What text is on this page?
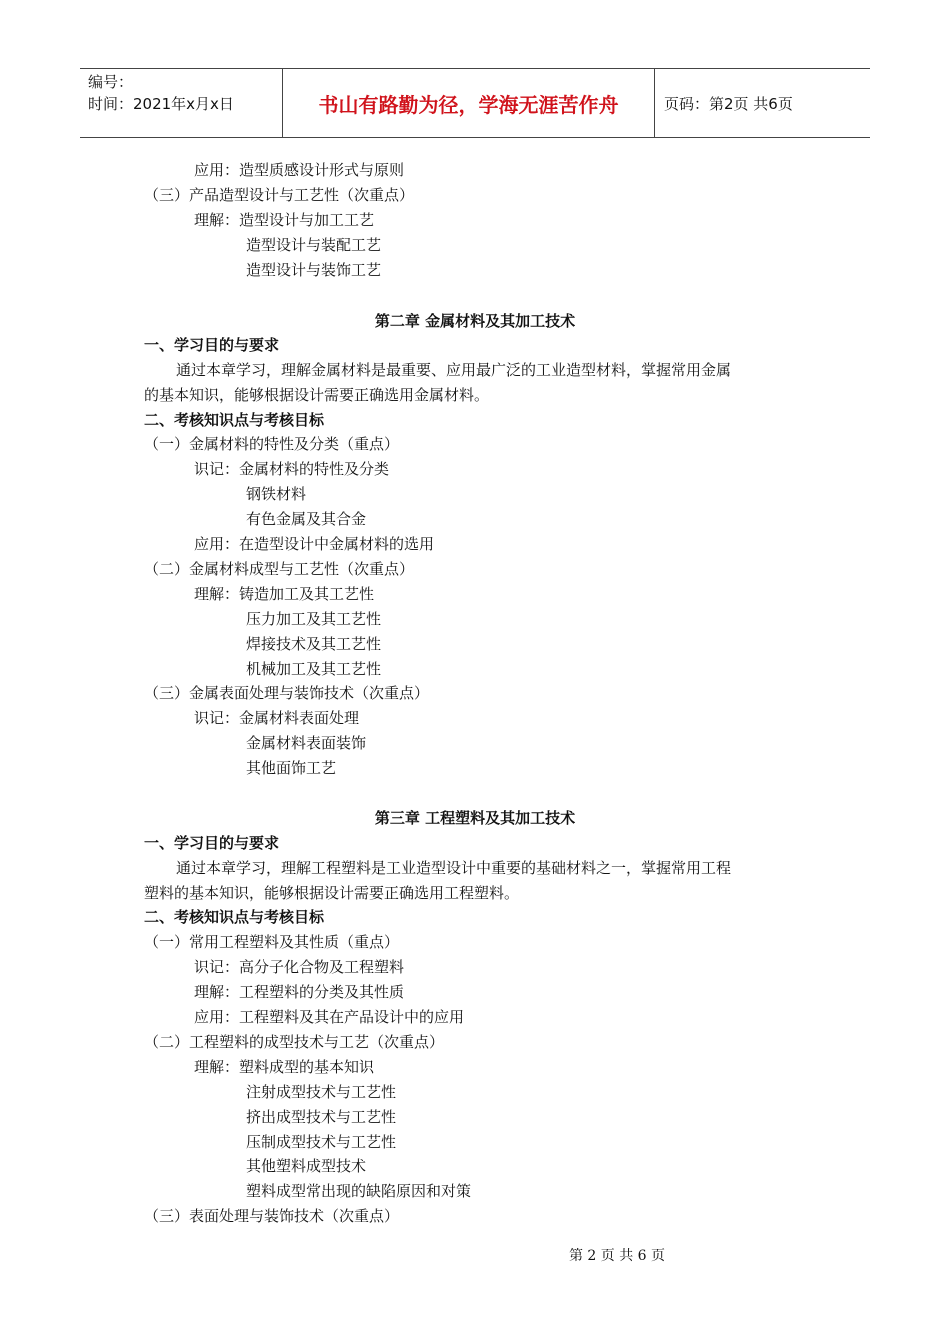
编号：
时间：2021年x月x日	书山有路勤为径，学海无涯苦作舟	页码：第2页 共6页
应用：造型质感设计形式与原则
（三）产品造型设计与工艺性（次重点）
理解：造型设计与加工工艺
造型设计与装配工艺
造型设计与装饰工艺
第二章 金属材料及其加工技术
一、学习目的与要求
通过本章学习，理解金属材料是最重要、应用最广泛的工业造型材料，掌握常用金属
的基本知识，能够根据设计需要正确选用金属材料。
二、考核知识点与考核目标
（一）金属材料的特性及分类（重点）
识记：金属材料的特性及分类
钢铁材料
有色金属及其合金
应用：在造型设计中金属材料的选用
（二）金属材料成型与工艺性（次重点）
理解：铸造加工及其工艺性
压力加工及其工艺性
焊接技术及其工艺性
机械加工及其工艺性
（三）金属表面处理与装饰技术（次重点）
识记：金属材料表面处理
金属材料表面装饰
其他面饰工艺
第三章 工程塑料及其加工技术
一、学习目的与要求
通过本章学习，理解工程塑料是工业造型设计中重要的基础材料之一，掌握常用工程
塑料的基本知识，能够根据设计需要正确选用工程塑料。
二、考核知识点与考核目标
（一）常用工程塑料及其性质（重点）
识记：高分子化合物及工程塑料
理解：工程塑料的分类及其性质
应用：工程塑料及其在产品设计中的应用
（二）工程塑料的成型技术与工艺（次重点）
理解：塑料成型的基本知识
注射成型技术与工艺性
挤出成型技术与工艺性
压制成型技术与工艺性
其他塑料成型技术
塑料成型常出现的缺陷原因和对策
（三）表面处理与装饰技术（次重点）
第 2 页 共 6 页
